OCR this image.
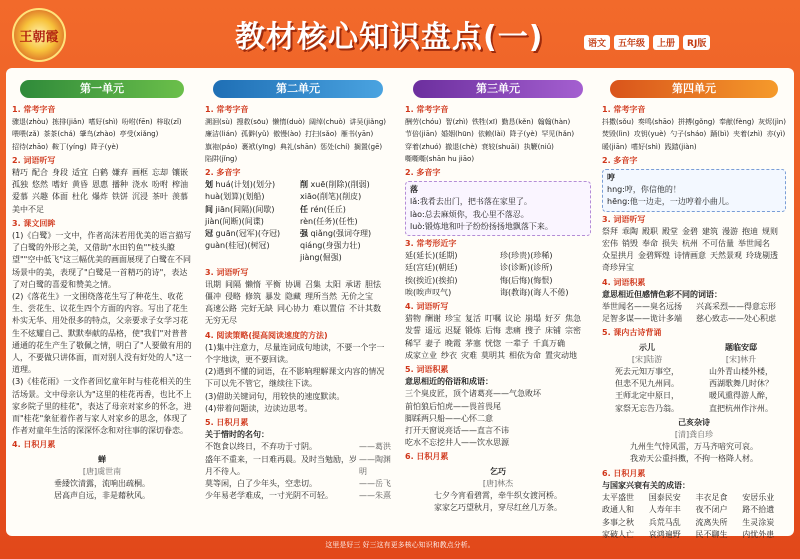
王朝霞	教材核心知识盘点(一)	语文	五年级	上册	RJ版
第一单元
1. 常考字音
骤退(zhòu) 拣排(jiǎn) 嗜好(shì) 吩咐(fēn) 梓取(zǐ)
喂喂(zǎ) 茶茶(chá) 肇鸟(zhào) 亭受(xiǎng)
招待(zhāo) 鞍丁(yíng) 降子(yè)
2. 词语听写
精巧 配合 身段 适宜 白鹤 嫌弃 画框 忘却 镶嵌
孤独 悠然 嗜好 黄昏 恩惠 播种 浇水 吩咐 榨油
爱慕 兴趣 体面 杜化 爆炸 铁饼 沉浸 茶叶 羡慕
美中不足
3. 课文回眸
(1)《白鹭》一文中，作者高沫若用优美的语言描写了白鹭的外形之美，又借助"水田钓鱼""枝头瞭望""空中低飞"这三幅优美的画面展现了白鹭在不同场景中的美，表现了"白鹭是一首精巧的诗"，表达了对白鹭的喜爱和赞美之情。
(2)《落花生》一文围绕落花生写了种花生、收花生、尝花生、议花生四个方面的内容。写出了花生朴实无华、用处很多的特点，父亲要求子女学习花生不炫耀自己、默默奉献的品格，使"我们"对普普通通的花生产生了敬佩之情，明白了"人要做有用的人，不要做只讲体面，而对别人没有好处的人"这一道理。
(3)《桂花雨》一文作者回忆童年时与桂花相关的生活场景。文中母亲认为"这里的桂花再香，也比不上家乡院子里的桂花"，表达了母亲对家乡的怀念，进而"桂花"象征着作者与家人对家乡的思念，体现了作者对童年生活的深深怀念和对往事的深切眷恋。
4. 日积月累
蝉
[唐]虞世南
垂緌饮清露，流响出疏桐。
居高声自远，非是藉秋风。
第二单元
1. 常考字音
溯洄(sù) 搜救(sōu) 懒惰(duò) 阔绰(chuò) 讲吴(jiǎng)
廉洁(lián) 孤僻(yǔ) 傲慢(ào) 打扫(sǎo) 雁书(yān)
旗袍(páo) 裹袱(yīng) 典礼(shān) 惩处(chí) 搁置(gē)
陷阱(jǐng)
2. 多音字
划 huá(计划)(划分)
huà(划算)(划船)
削 xuē(削除)(削弱)
xiāo(削笔)(削皮)
间 jiān(间隔)(间歇)
jiàn(间断)(间谍)
任 rén(任丘)
rèn(任务)(任性)
冠 guān(冠军)(夺冠)
guàn(桂冠)(树冠)
强 qiǎng(强词夺理)
qiáng(身强力壮) jiàng(倔强)
3. 词语听写
讯期 间隔 懒惰 平衡 协调 召集 太阳 承诺 胆怯
僵冲 侵略 修筑 暴发 隐藏 理所当然 无价之宝
高速公路 完好无缺 同心协力 难以置信 不计其数
无穷无尽
4. 阅读策略(提高阅读速度的方法)
(1)集中注意力，尽量连词成句地读，不要一个字一个字地读，更不要回读。
(2)遇到不懂的词语，在不影响理解课文内容的情况下可以先不管它，继续往下读。
(3)借助关键词句，用较快的速度默读。
(4)带着问题读，边读边思考。
5. 日积月累
关于惜时的名句：
不饱食以终日，不弃功于寸阴。	——葛洪
盛年不重来，一日难再晨。及时当勉励，岁月不待人。
——陶渊明
莫等闲，白了少年头，空悲切。	——岳飞
少年易老学难成，一寸光阴不可轻。	——朱熹
第三单元
1. 常考字音
酬劳(chóu) 智(zhì) 铁牲(xī) 勤恳(kěn) 翰翰(hàn)
节倍(jiān) 婚姻(hūn) 依赖(lài) 降子(yè) 罕见(hǎn)
穿着(zhuó) 撤退(chè) 衰较(shuāi) 执鞭(niǔ)
嘶嘶嘶(shān hu jiāo)
2. 多音字
落
lǎ:我肴去出门，把书落在家里了。
lào:总去麻烦你，我心里不落忍。
luò:锻炼地和叶子纷纷扬扬地飘落下来。
3. 常考形近字
延(延长)(延期)	珍(珍贵)(珍稀)
廷(宫廷)(朝廷)	诊(诊断)(诊所)
挨(挨近)(挨拍)	悔(后悔)(悔恨)
唉(唉声叹气)	诲(教诲)(诲人不倦)
4. 词语听写
猎物 酬谢 珍宝 复活 叮嘱 议论 崩塌 好歹 焦急
发誓 遥远 迟疑 锻炼 后悔 悲痛 搜子 床铺 宗密
稀罕 妻子 晚霞 茅塞 恍惚 一辈子 千真万确
成家立业 纱衣 灾难 莫明其 相依为命 置灾动地
5. 词语积累
意思相近的俗语和成语：
三个臭皮匠，顶个诸葛亮——气急败坏
前怕狼后怕虎——畏首畏尾
脚踩两只船——心怀二意
打开天窗说亮话——直言不讳
吃水不忘挖井人——饮水思源
6. 日积月累
乞巧
[唐]林杰
七夕今宵看碧霄，牵牛织女渡河桥。
家家乞巧望秋月，穿尽红丝几万条。
第四单元
1. 常考字音
抖擞(sǒu) 奏鸣(shāo) 拼搏(gǒng) 奉献(fèng) 灰烬(jìn)
焚毁(lìn) 攻钥(yuè) 勺子(sháo) 踊(bì) 夹着(zhì) 亦(yì)
暖(jiān) 嗜好(shì) 践踏(jiàn)
2. 多音字
哼
hng:哼，你信他的！
hēng:他一边走，一边哼着小曲儿。
3. 词语听写
祭拜 乖陶 殿职 殿堂 金碧 建筑 漫游 抱迪 规则
宏伟 销毁 奉命 损失 杭州 不可估量 举世闻名
众星拱月 金碧辉煌 诗情画意 天然景观 玲珑剔透
奇珍异宝
4. 词语积累
意思相近但感情色彩不同的词语：
举世闻名——臭名远扬	兴高采烈——得意忘形
足智多谋——诡计多端	慈心致志——处心积虑
5. 课内古诗背诵
示儿
[宋]陆游
死去元知万事空，
但悲不见九州同。
王师北定中原日，
家祭无忘告乃翁。
题临安邸
[宋]林升
山外青山楼外楼，
西湖歌舞几时休？
暖风熏得游人醉，
直把杭州作汴州。
己亥杂诗
[清]龚自珍
九州生气恃风雷，万马齐喑究可哀。
我劝天公重抖擞，不拘一格降人材。
6. 日积月累
与国家兴衰有关的成语：
太平盛世	国泰民安	丰衣足食	安居乐业
政通人和	人寿年丰	夜不闭户	路不拾遗
多事之秋	兵荒马乱	流离失所	生灵涂炭
家破人亡	哀鸿遍野	民不聊生	内忧外患
这里是好三 好三这有更多核心知识和教点分析。
